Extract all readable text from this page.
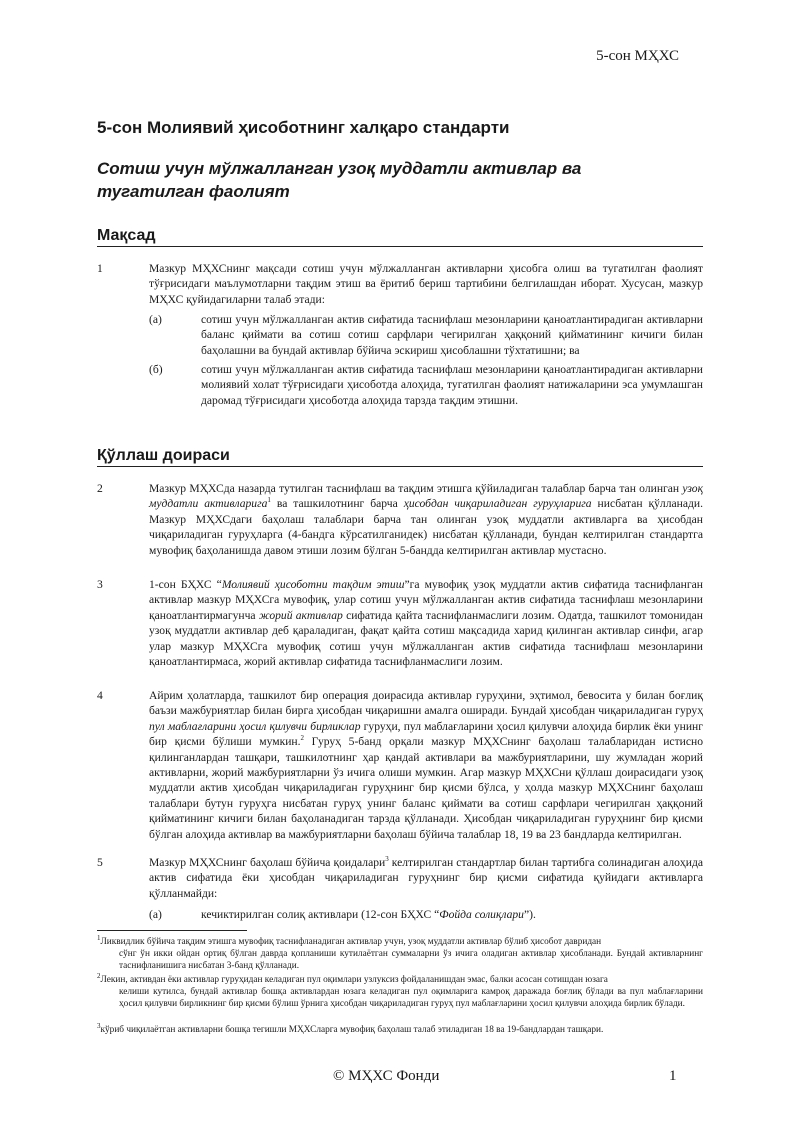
5-сон МҲХС
5-сон Молиявий ҳисоботнинг халқаро стандарти
Сотиш учун мўлжалланган узоқ муддатли активлар ва тугатилган фаолият
Мақсад
1	Мазкур МҲХСнинг мақсади сотиш учун мўлжалланган активларни ҳисобга олиш ва тугатилган фаолият тўғрисидаги маълумотларни тақдим этиш ва ёритиб бериш тартибини белгилашдан иборат. Хусусан, мазкур МҲХС қуйидагиларни талаб этади:
(а)	сотиш учун мўлжалланган актив сифатида таснифлаш мезонларини қаноатлантирадиган активларни баланс қиймати ва сотиш сотиш сарфлари чегирилган ҳаққоний қийматининг кичиги билан баҳолашни ва бундай активлар бўйича эскириш ҳисоблашни тўхтатишни; ва
(б)	сотиш учун мўлжалланган актив сифатида таснифлаш мезонларини қаноатлантирадиган активларни молиявий холат тўғрисидаги ҳисоботда алоҳида, тугатилган фаолият натижаларини эса умумлашган даромад тўғрисидаги ҳисоботда алоҳида тарзда тақдим этишни.
Қўллаш доираси
2	Мазкур МҲХСда назарда тутилган таснифлаш ва тақдим этишга қўйиладиган талаблар барча тан олинган узоқ муддатли активларига$^1$ ва ташкилотнинг барча ҳисобдан чиқариладиган гуруҳларига нисбатан қўлланади. Мазкур МҲХСдаги баҳолаш талаблари барча тан олинган узоқ муддатли активларга ва ҳисобдан чиқариладиган гуруҳларга (4-бандга кўрсатилганидек) нисбатан қўлланади, бундан келтирилган стандартга мувофиқ баҳоланишда давом этиши лозим бўлган 5-бандда келтирилган активлар мустасно.
3	1-сон БҲХС “Молиявий ҳисоботни тақдим этиш”га мувофиқ узоқ муддатли актив сифатида таснифланган активлар мазкур МҲХСга мувофиқ, улар сотиш учун мўлжалланган актив сифатида таснифлаш мезонларини қаноатлантирмагунча жорий активлар сифатида қайта таснифланмаслиги лозим. Одатда, ташкилот томонидан узоқ муддатли активлар деб қараладиган, фақат қайта сотиш мақсадида харид қилинган активлар синфи, агар улар мазкур МҲХСга мувофиқ сотиш учун мўлжалланган актив сифатида таснифлаш мезонларини қаноатлантирмаса, жорий активлар сифатида таснифланмаслиги лозим.
4	Айрим ҳолатларда, ташкилот бир операция доирасида активлар гуруҳини, эҳтимол, бевосита у билан боғлиқ баъзи мажбуриятлар билан бирга ҳисобдан чиқаришни амалга оширади. Бундай ҳисобдан чиқариладиган гуруҳ пул маблағларини ҳосил қилувчи бирликлар гуруҳи, пул маблағларини ҳосил қилувчи алоҳида бирлик ёки унинг бир қисми бўлиши мумкин.$^2$ Гуруҳ 5-банд орқали мазкур МҲХСнинг баҳолаш талабларидан истисно қилинганлардан ташқари, ташкилотнинг ҳар қандай активлари ва мажбуриятларини, шу жумладан жорий активларни, жорий мажбуриятларни ўз ичига олиши мумкин. Агар мазкур МҲХСни қўллаш доирасидаги узоқ муддатли актив ҳисобдан чиқариладиган гуруҳнинг бир қисми бўлса, у ҳолда мазкур МҲХСнинг баҳолаш талаблари бутун гуруҳга нисбатан гуруҳ унинг баланс қиймати ва сотиш сарфлари чегирилган ҳаққоний қийматининг кичиги билан баҳоланадиган тарзда қўлланади. Ҳисобдан чиқариладиган гуруҳнинг бир қисми бўлган алоҳида активлар ва мажбуриятларни баҳолаш бўйича талаблар 18, 19 ва 23 бандларда келтирилган.
5	Мазкур МҲХСнинг баҳолаш бўйича қоидалари$^3$ келтирилган стандартлар билан тартибга солинадиган алоҳида актив сифатида ёки ҳисобдан чиқариладиган гуруҳнинг бир қисми сифатида қуйидаги активларга қўлланмайди:
(а)	кечиктирилган солиқ активлари (12-сон БҲХС “Фойда солиқлари”).
$^1$Ликвидлик бўйича тақдим этишга мувофиқ таснифланадиган активлар учун, узоқ муддатли активлар бўлиб ҳисобот давридан
сўнг ўн икки ойдан ортиқ бўлган даврда қопланиши кутилаётган суммаларни ўз ичига оладиган активлар ҳисобланади. Бундай активларнинг таснифланишига нисбатан 3-банд қўлланади.
$^2$Лекин, активдан ёки активлар гуруҳидан келадиган пул оқимлари узлуксиз фойдаланишдан эмас, балки асосан сотишдан юзага
келиши кутилса, бундай активлар бошқа активлардан юзага келадиган пул оқимларига камроқ даражада боғлиқ бўлади ва пул маблағларини ҳосил қилувчи бирликнинг бир қисми бўлиш ўрнига ҳисобдан чиқариладиган гуруҳ пул маблағларини ҳосил қилувчи алоҳида бирлик бўлади.
$^3$кўриб чиқилаётган активларни бошқа тегишли МҲХСларга мувофиқ баҳолаш талаб этиладиган 18 ва 19-бандлардан ташқари.
© МҲХС Фонди	1
